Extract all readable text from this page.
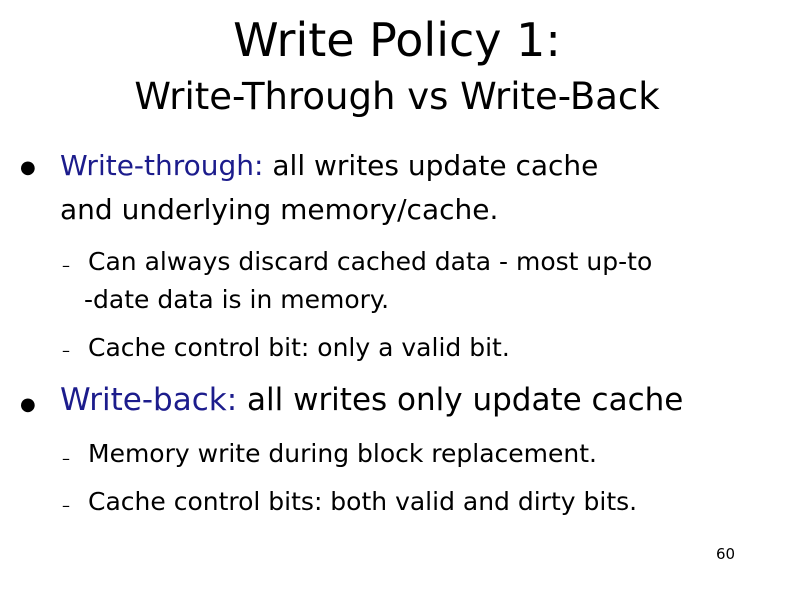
Write Policy 1:
Write-Through vs Write-Back
● Write-through: all writes update cache
and underlying memory/cache.
– Can always discard cached data - most up-to
-date data is in memory.
– Cache control bit: only a valid bit.
● Write-back: all writes only update cache
– Memory write during block replacement.
– Cache control bits: both valid and dirty bits.
60
